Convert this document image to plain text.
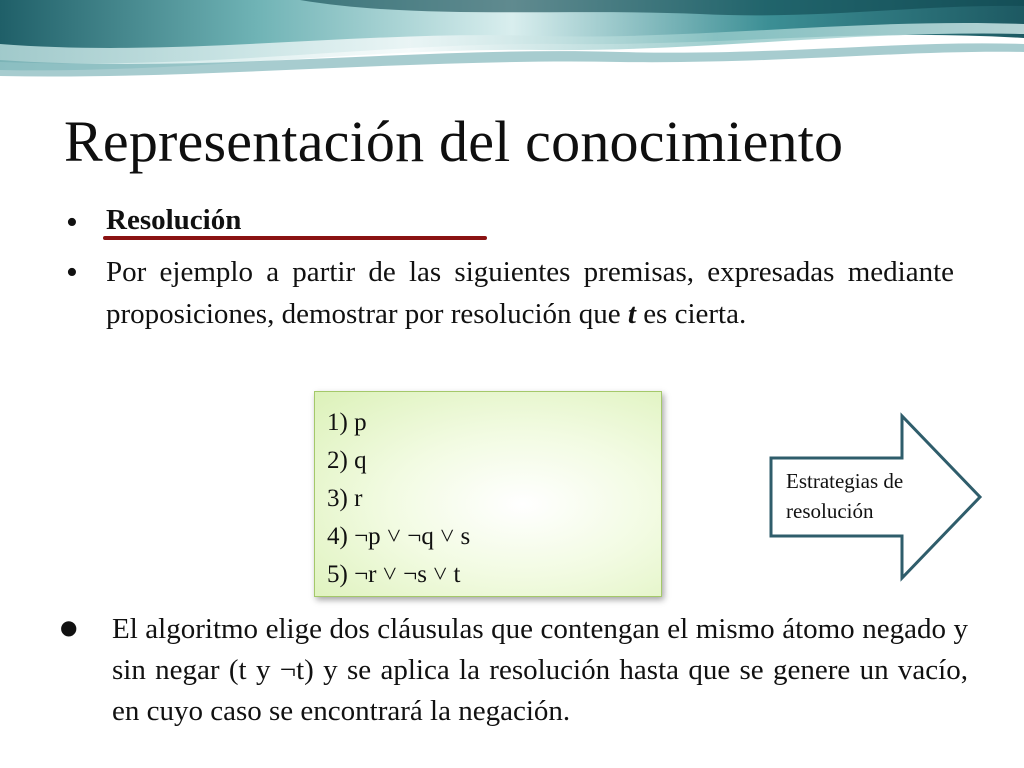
Representación del conocimiento
• Resolución
• Por ejemplo a partir de las siguientes premisas, expresadas mediante proposiciones, demostrar por resolución que t es cierta.
1) p
2) q
3) r
4) ¬p ˅ ¬q ˅ s
5) ¬r ˅ ¬s ˅ t
Estrategias de resolución
● El algoritmo elige dos cláusulas que contengan el mismo átomo negado y sin negar (t y ¬t) y se aplica la resolución hasta que se genere un vacío, en cuyo caso se encontrará la negación.
